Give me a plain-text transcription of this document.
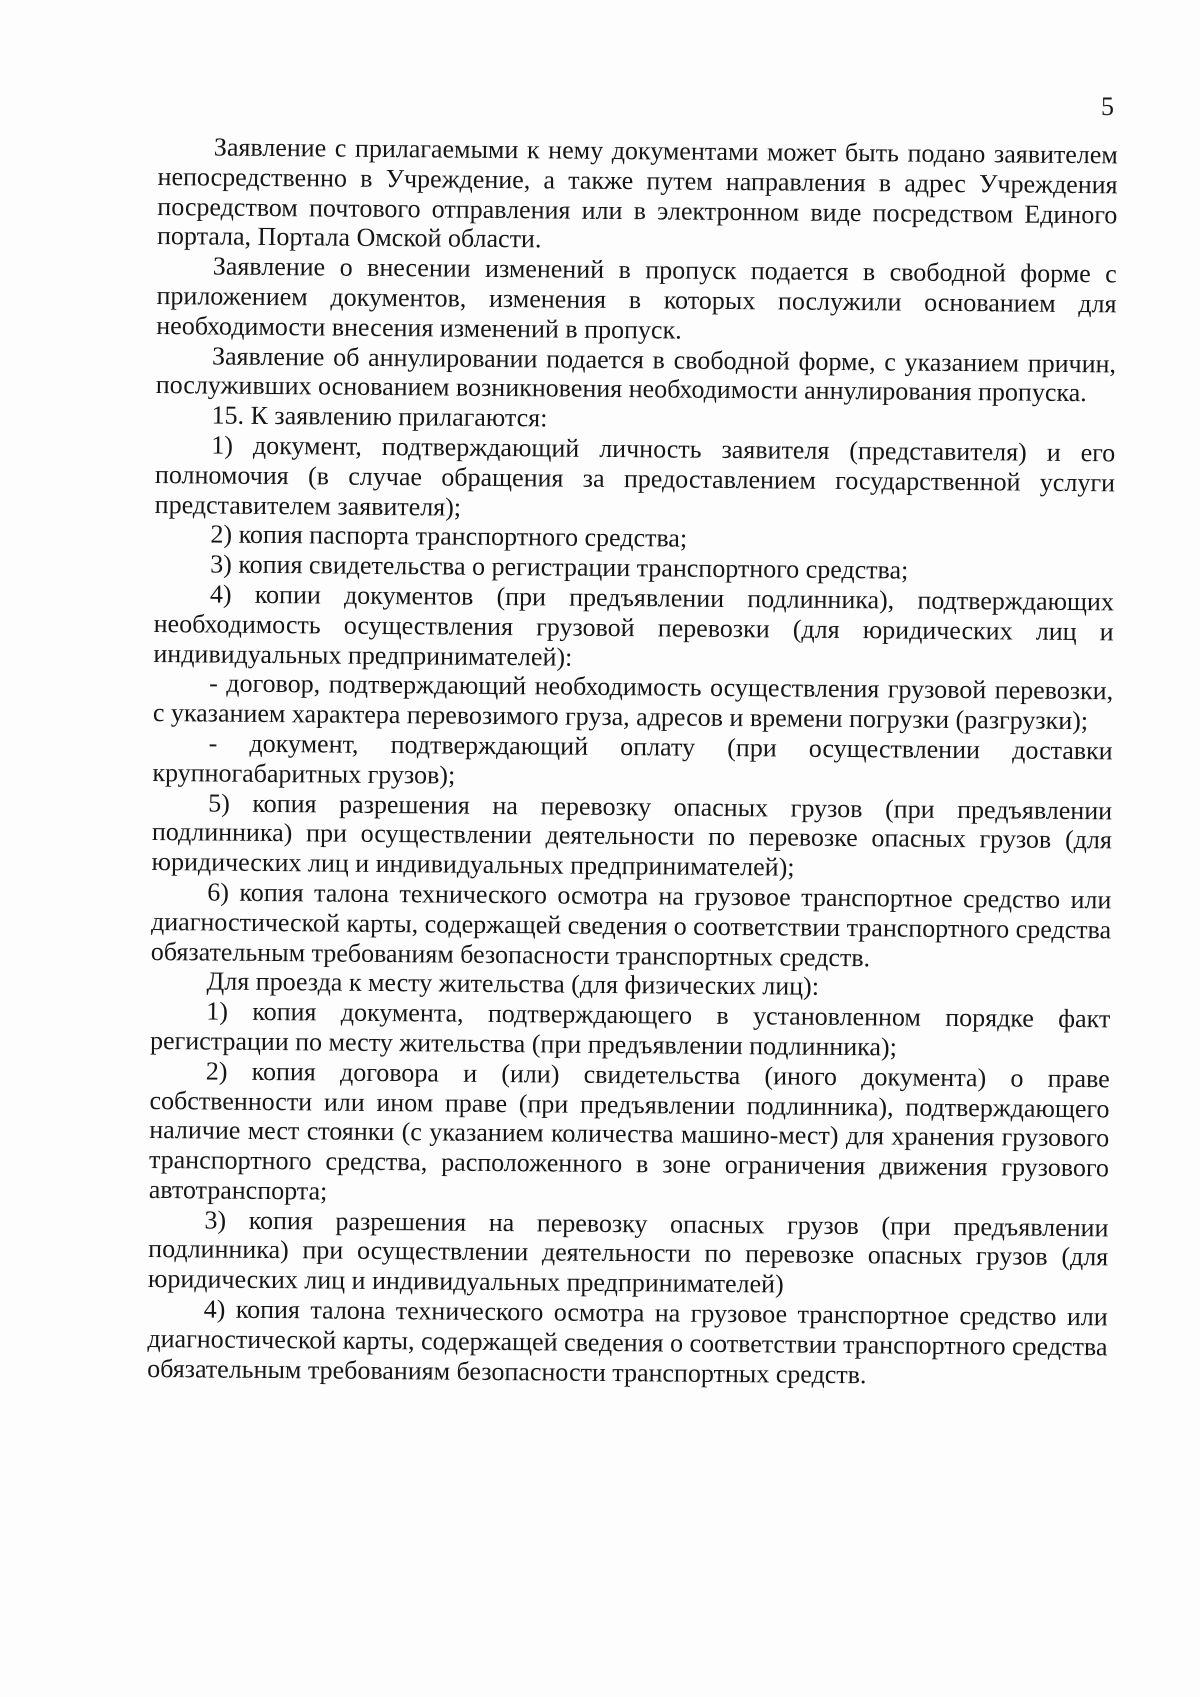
5

Заявление с прилагаемыми к нему документами может быть подано заявителем непосредственно в Учреждение, а также путем направления в адрес Учреждения посредством почтового отправления или в электронном виде посредством Единого портала, Портала Омской области.

Заявление о внесении изменений в пропуск подается в свободной форме с приложением документов, изменения в которых послужили основанием для необходимости внесения изменений в пропуск.

Заявление об аннулировании подается в свободной форме, с указанием причин, послуживших основанием возникновения необходимости аннулирования пропуска.

15. К заявлению прилагаются:

1) документ, подтверждающий личность заявителя (представителя) и его полномочия (в случае обращения за предоставлением государственной услуги представителем заявителя);

2) копия паспорта транспортного средства;

3) копия свидетельства о регистрации транспортного средства;

4) копии документов (при предъявлении подлинника), подтверждающих необходимость осуществления грузовой перевозки (для юридических лиц и индивидуальных предпринимателей):

- договор, подтверждающий необходимость осуществления грузовой перевозки, с указанием характера перевозимого груза, адресов и времени погрузки (разгрузки);

- документ, подтверждающий оплату (при осуществлении доставки крупногабаритных грузов);

5) копия разрешения на перевозку опасных грузов (при предъявлении подлинника) при осуществлении деятельности по перевозке опасных грузов (для юридических лиц и индивидуальных предпринимателей);

6) копия талона технического осмотра на грузовое транспортное средство или диагностической карты, содержащей сведения о соответствии транспортного средства обязательным требованиям безопасности транспортных средств.

Для проезда к месту жительства (для физических лиц):

1) копия документа, подтверждающего в установленном порядке факт регистрации по месту жительства (при предъявлении подлинника);

2) копия договора и (или) свидетельства (иного документа) о праве собственности или ином праве (при предъявлении подлинника), подтверждающего наличие мест стоянки (с указанием количества машино-мест) для хранения грузового транспортного средства, расположенного в зоне ограничения движения грузового автотранспорта;

3) копия разрешения на перевозку опасных грузов (при предъявлении подлинника) при осуществлении деятельности по перевозке опасных грузов (для юридических лиц и индивидуальных предпринимателей)

4) копия талона технического осмотра на грузовое транспортное средство или диагностической карты, содержащей сведения о соответствии транспортного средства обязательным требованиям безопасности транспортных средств.
